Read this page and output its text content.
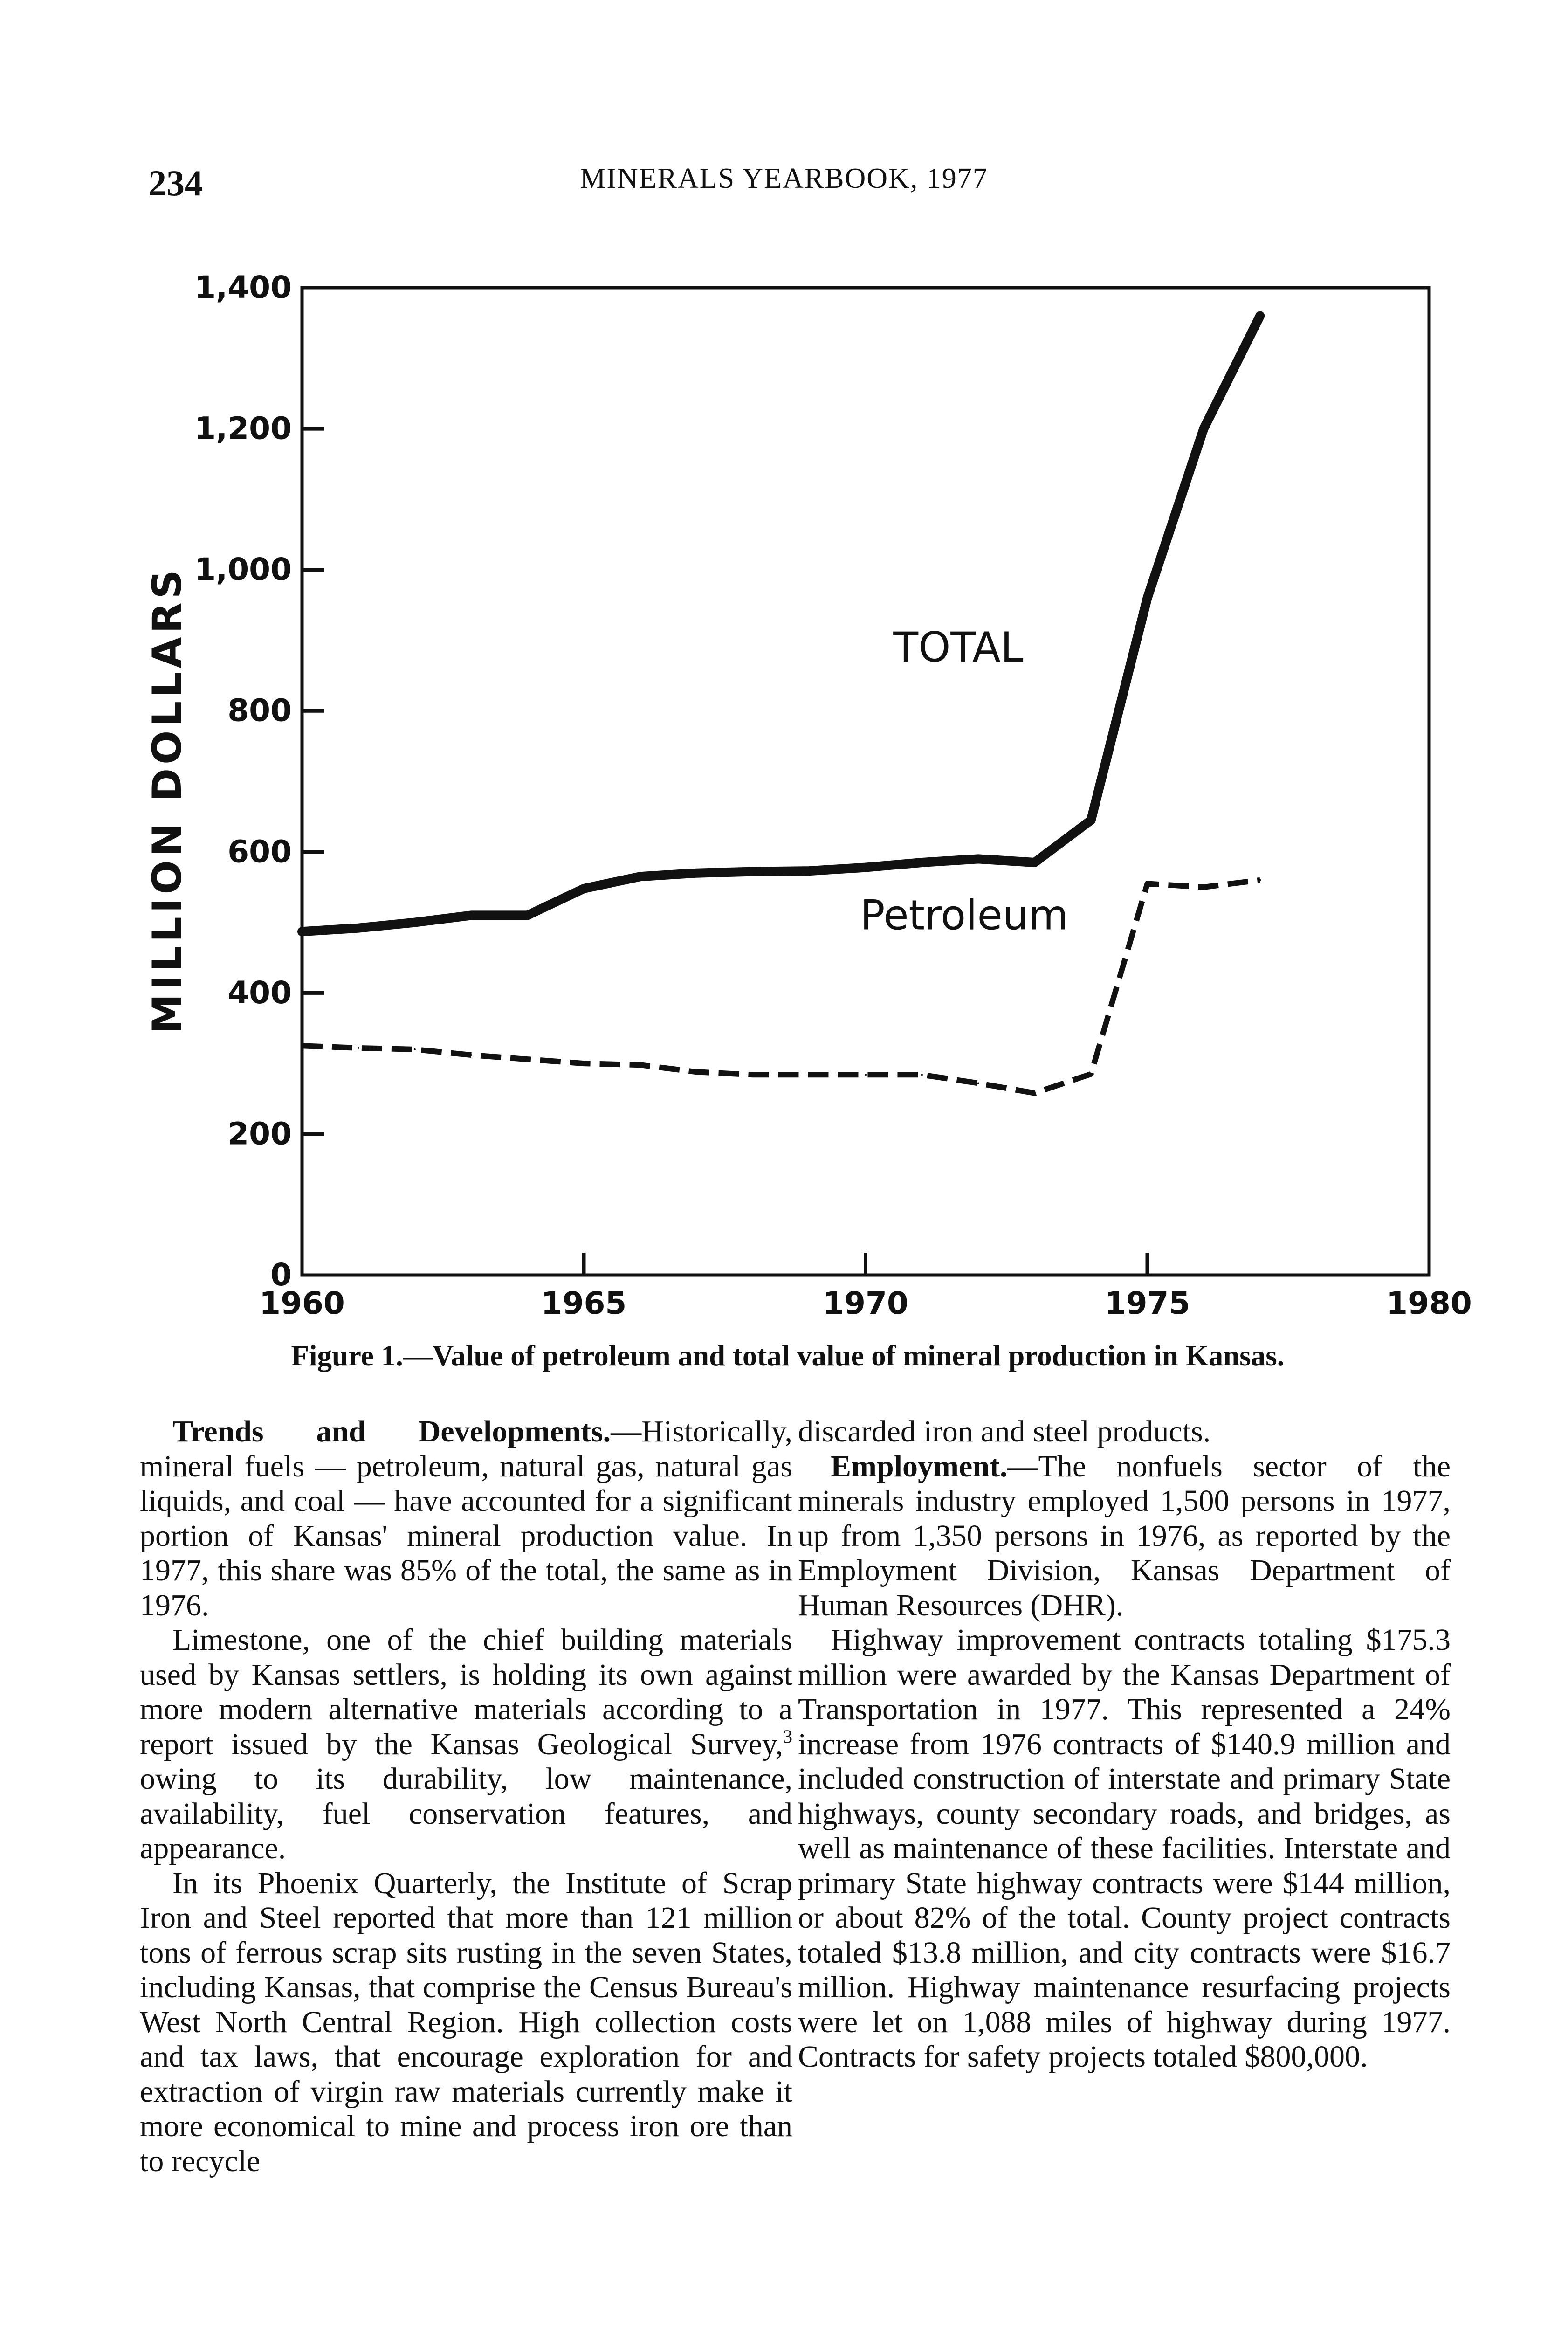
234	MINERALS YEARBOOK, 1977
0
200
400
600
800
1,000
1,200
1,400
1960	1965	1970	1975	1980
MILLION DOLLARS	TOTAL
Petroleum
Figure 1.—Value of petroleum and total value of mineral production in Kansas.

Trends and Developments.—Historically, mineral fuels — petroleum, natural gas, natural gas liquids, and coal — have accounted for a significant portion of Kansas' mineral production value. In 1977, this share was 85% of the total, the same as in 1976.

Limestone, one of the chief building materials used by Kansas settlers, is holding its own against more modern alternative materials according to a report issued by the Kansas Geological Survey,$^3$ owing to its durability, low maintenance, availability, fuel conservation features, and appearance.

In its Phoenix Quarterly, the Institute of Scrap Iron and Steel reported that more than 121 million tons of ferrous scrap sits rusting in the seven States, including Kansas, that comprise the Census Bureau's West North Central Region. High collection costs and tax laws, that encourage exploration for and extraction of virgin raw materials currently make it more economical to mine and process iron ore than to recycle

discarded iron and steel products.

Employment.—The nonfuels sector of the minerals industry employed 1,500 persons in 1977, up from 1,350 persons in 1976, as reported by the Employment Division, Kansas Department of Human Resources (DHR).

Highway improvement contracts totaling $175.3 million were awarded by the Kansas Department of Transportation in 1977. This represented a 24% increase from 1976 contracts of $140.9 million and included construction of interstate and primary State highways, county secondary roads, and bridges, as well as maintenance of these facilities. Interstate and primary State highway contracts were $144 million, or about 82% of the total. County project contracts totaled $13.8 million, and city contracts were $16.7 million. Highway maintenance resurfacing projects were let on 1,088 miles of highway during 1977. Contracts for safety projects totaled $800,000.
